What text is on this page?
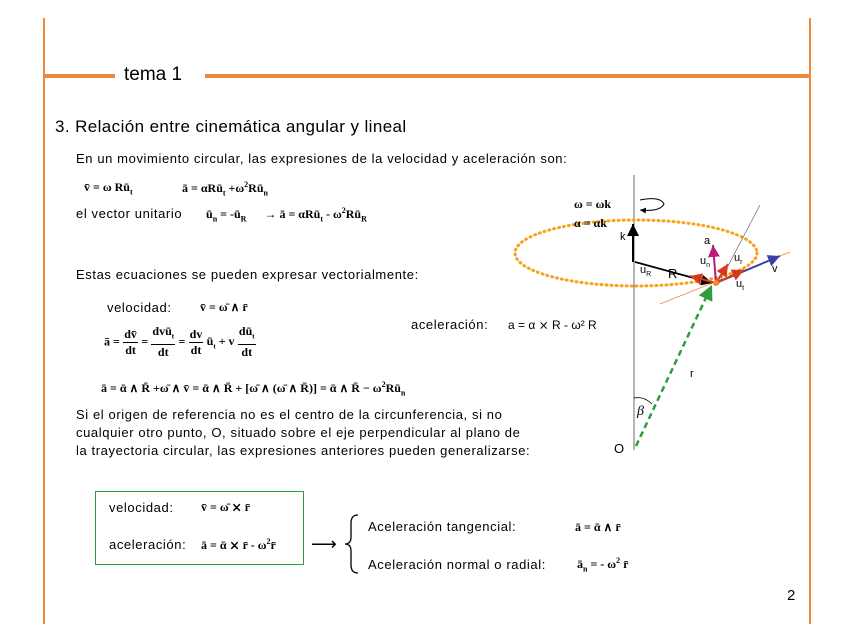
tema 1
3. Relación entre cinemática angular y lineal
En un movimiento circular, las expresiones de la velocidad y aceleración son:
v̄ = ω $Rū_t$	ā = αRū$_t$ $+\omega^2Rū_n$
el vector unitario $ū_n$ = $-ū_R$ → ā = αRū$_t$ - $\omega^2Rū_R$
Estas ecuaciones se pueden expresar vectorialmente:
velocidad: v̄ = ω̄ ∧ r̄
ā = $\frac{dv̄}{dt} = \frac{dvū_t}{dt} = \frac{dv}{dt}$ $ū_t + v \frac{dū_t}{dt}$	aceleración: a = α ⨯ R - ω² R
ā = ᾱ ∧ R̄ +ω̄ ∧ v̄ = ᾱ ∧ R̄ + [ω̄ ∧ (ω̄ ∧ R̄)] = ᾱ ∧ R̄ − $\omega^2Rū_n$
Si el origen de referencia no es el centro de la circunferencia, si no
cualquier otro punto, O, situado sobre el eje perpendicular al plano de
la trayectoria circular, las expresiones anteriores pueden generalizarse:
velocidad: v̄ = ω̄ ⨯ r̄
aceleración: ā = ᾱ ⨯ r̄ - $\omega^2r̄$ ⟶
Aceleración tangencial:	ā = ᾱ ∧ r̄
Aceleración normal o radial:	$ā_n$ = - $\omega^2$ r̄
2
ω = ωk
α = αk
k	a
$u_n$
$u_r$
$u_R$ R
$u_t$
v
r
β
O
